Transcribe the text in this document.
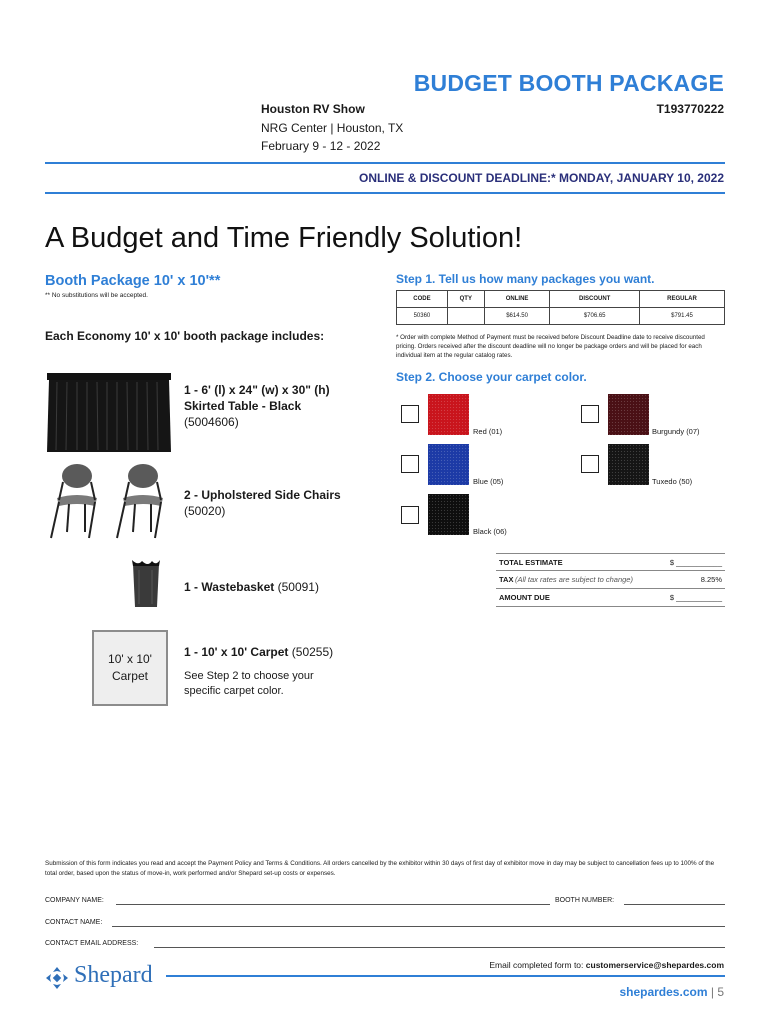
BUDGET BOOTH PACKAGE
Houston RV Show	T193770222
NRG Center | Houston, TX
February 9 - 12 - 2022
ONLINE & DISCOUNT DEADLINE:* MONDAY, JANUARY 10, 2022
A Budget and Time Friendly Solution!
Booth Package 10' x 10'**
** No substitutions will be accepted.
Each Economy 10' x 10' booth package includes:
1 - 6' (l) x 24" (w) x 30" (h)
Skirted Table - Black
(5004606)
2 - Upholstered Side Chairs
(50020)
1 - Wastebasket (50091)
10' x 10'
Carpet
1 - 10' x 10' Carpet (50255)
See Step 2 to choose your specific carpet color.
Step 1. Tell us how many packages you want.
CODE	QTY	ONLINE	DISCOUNT	REGULAR
50360		$614.50	$706.65	$791.45
* Order with complete Method of Payment must be received before Discount Deadline date to receive discounted pricing. Orders received after the discount deadline will no longer be package orders and will be placed for each individual item at the regular catalog rates.
Step 2. Choose your carpet color.
Red (01)	Burgundy (07)
Blue (05)	Tuxedo (50)
Black (06)
TOTAL ESTIMATE	$ ___________
TAX (All tax rates are subject to change)	8.25%
AMOUNT DUE	$ ___________
Submission of this form indicates you read and accept the Payment Policy and Terms & Conditions. All orders cancelled by the exhibitor within 30 days of first day of exhibitor move in day may be subject to cancellation fees up to 100% of the total order, based upon the status of move-in, work performed and/or Shepard set-up costs or expenses.
COMPANY NAME:	BOOTH NUMBER:
CONTACT NAME:
CONTACT EMAIL ADDRESS:
Email completed form to: customerservice@shepardes.com
Shepard
shepardes.com | 5
